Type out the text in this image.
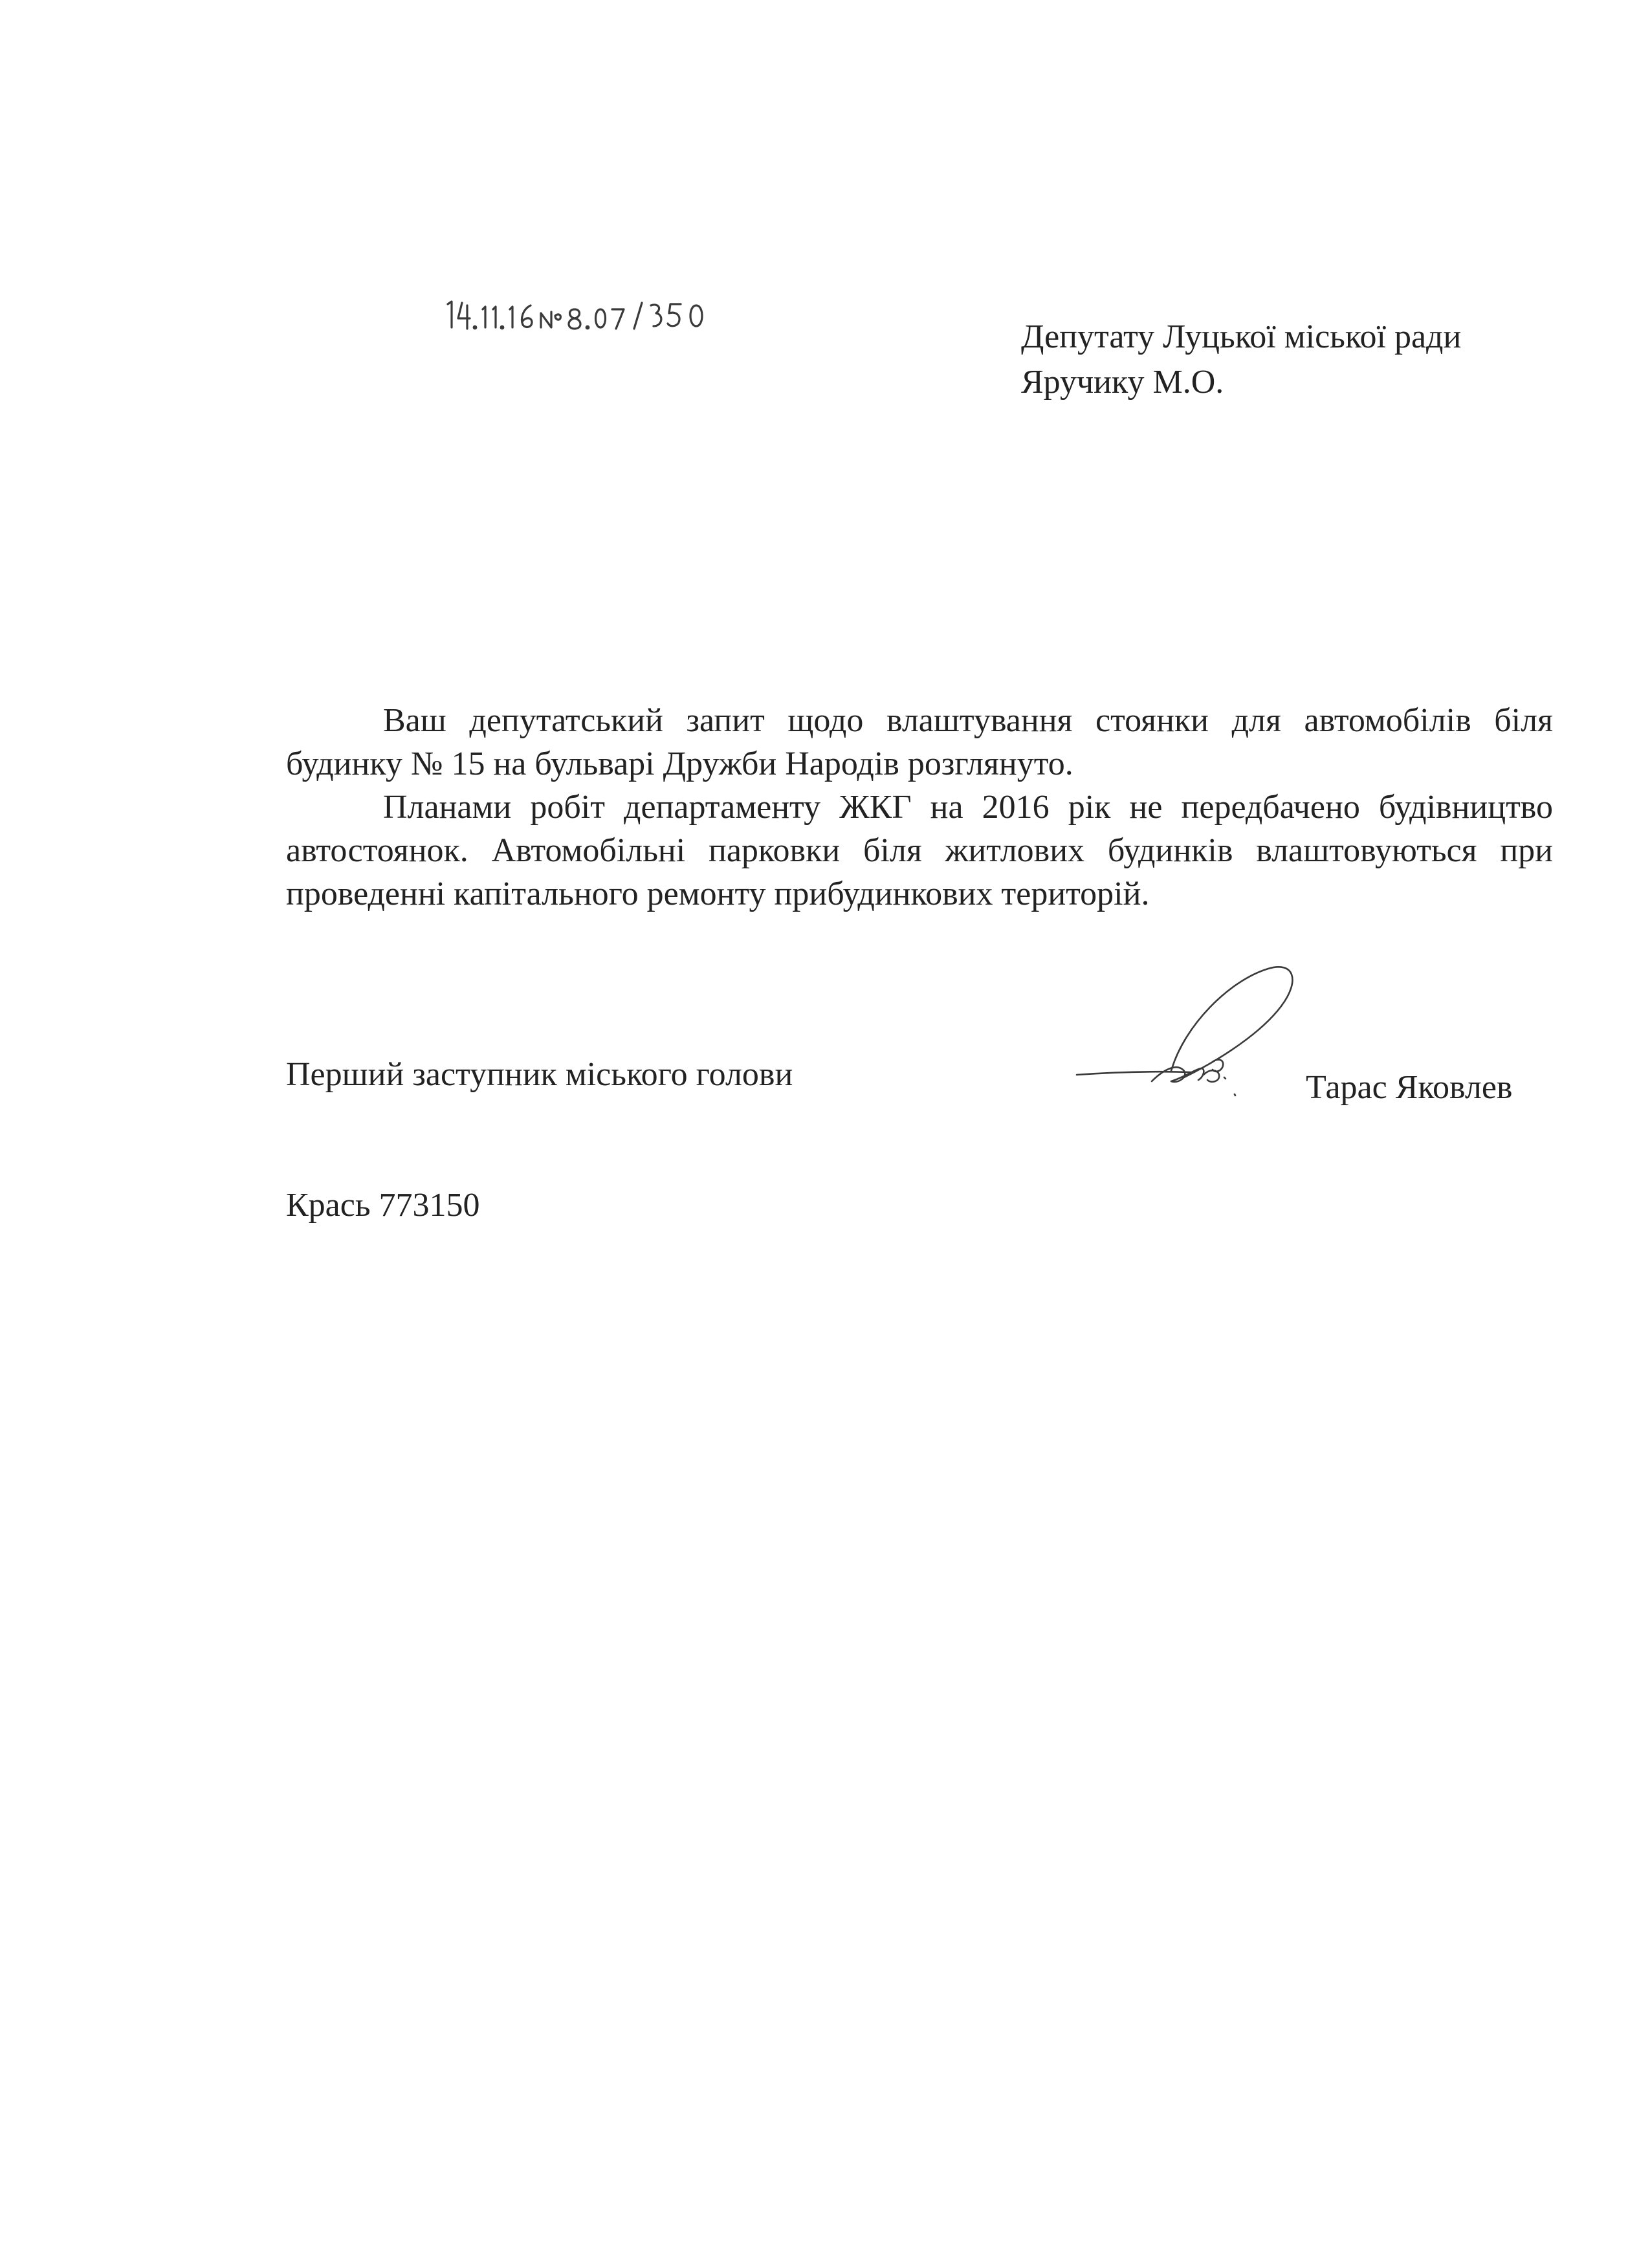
Депутату Луцької міської ради
Яручику М.О.

Ваш депутатський запит щодо влаштування стоянки для автомобілів біля будинку № 15 на бульварі Дружби Народів розглянуто.

Планами робіт департаменту ЖКГ на 2016 рік не передбачено будівництво автостоянок. Автомобільні парковки біля житлових будинків влаштовуються при проведенні капітального ремонту прибудинкових територій.

Перший заступник міського голови	Тарас Яковлев
Крась 773150
